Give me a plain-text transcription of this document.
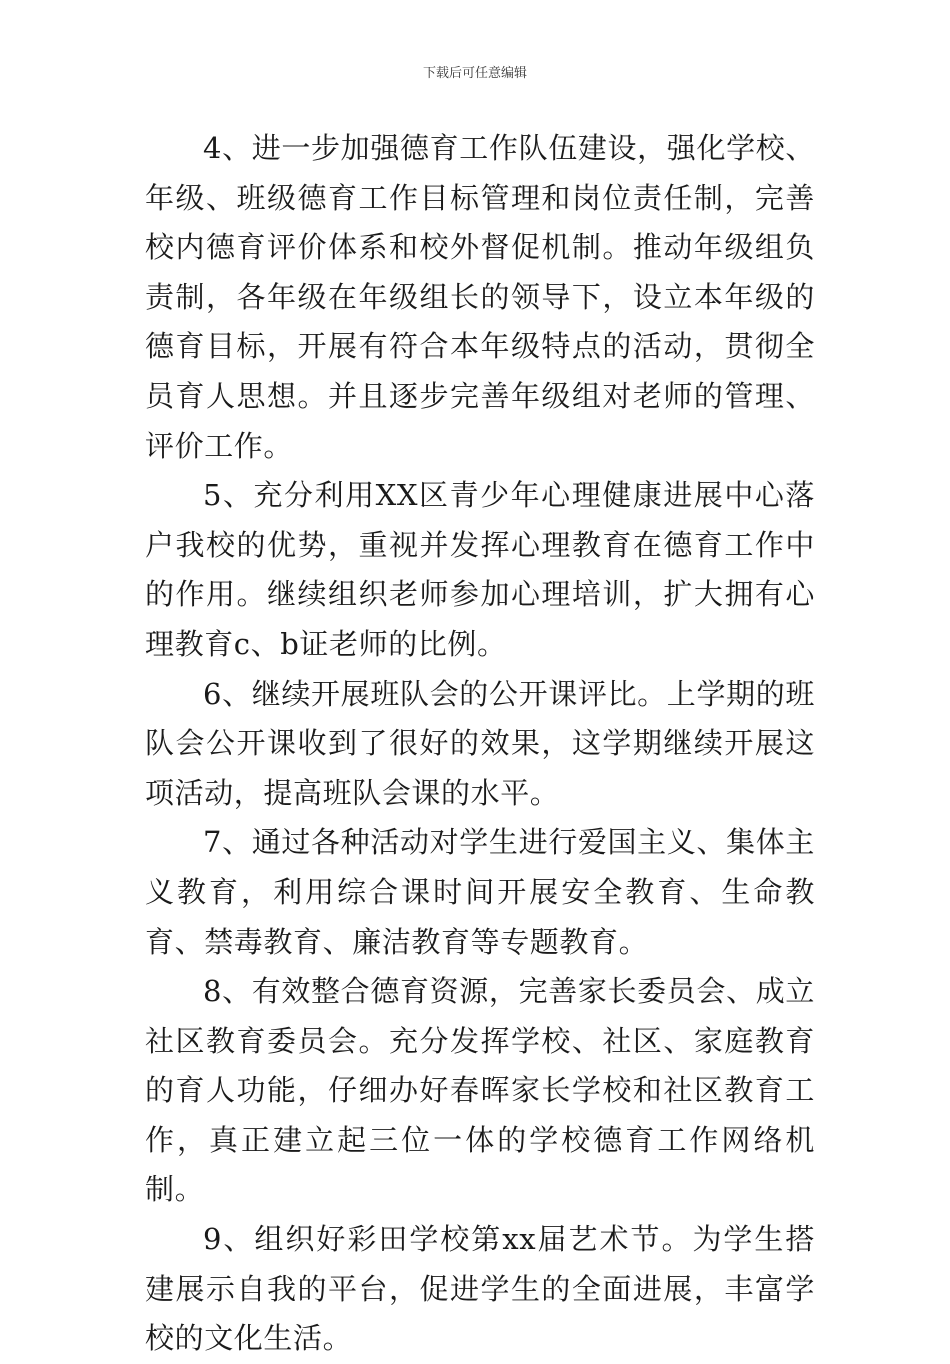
下载后可任意编辑

4、进一步加强德育工作队伍建设，强化学校、年级、班级德育工作目标管理和岗位责任制，完善校内德育评价体系和校外督促机制。推动年级组负责制，各年级在年级组长的领导下，设立本年级的德育目标，开展有符合本年级特点的活动，贯彻全员育人思想。并且逐步完善年级组对老师的管理、评价工作。

5、充分利用XX区青少年心理健康进展中心落户我校的优势，重视并发挥心理教育在德育工作中的作用。继续组织老师参加心理培训，扩大拥有心理教育c、b证老师的比例。

6、继续开展班队会的公开课评比。上学期的班队会公开课收到了很好的效果，这学期继续开展这项活动，提高班队会课的水平。

7、通过各种活动对学生进行爱国主义、集体主义教育，利用综合课时间开展安全教育、生命教育、禁毒教育、廉洁教育等专题教育。

8、有效整合德育资源，完善家长委员会、成立社区教育委员会。充分发挥学校、社区、家庭教育的育人功能，仔细办好春晖家长学校和社区教育工作，真正建立起三位一体的学校德育工作网络机制。

9、组织好彩田学校第xx届艺术节。为学生搭建展示自我的平台，促进学生的全面进展，丰富学校的文化生活。
